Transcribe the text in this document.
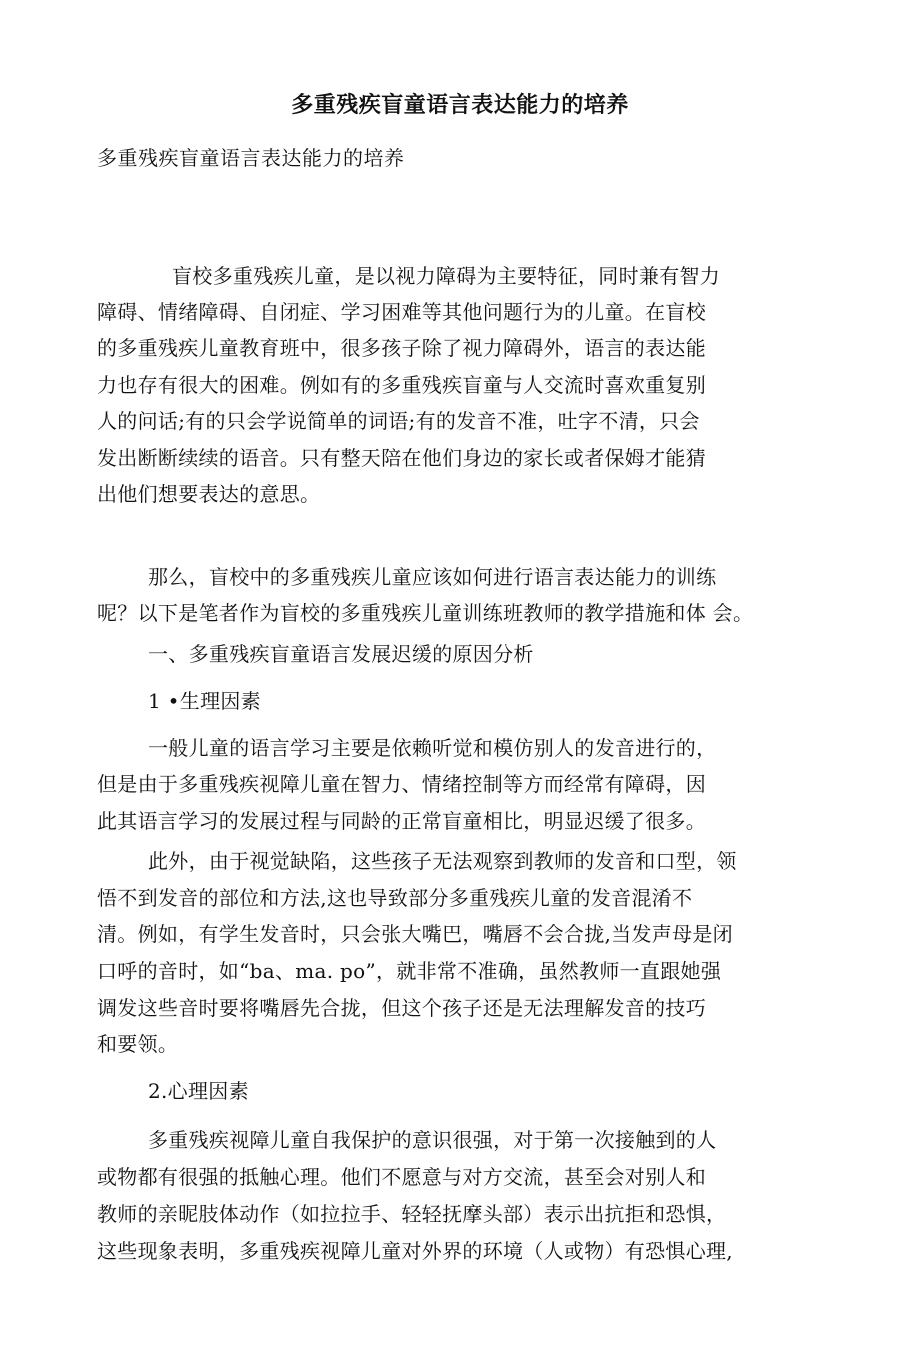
多重残疾盲童语言表达能力的培养
多重残疾盲童语言表达能力的培养
盲校多重残疾儿童，是以视力障碍为主要特征，同时兼有智力
障碍、情绪障碍、自闭症、学习困难等其他问题行为的儿童。在盲校
的多重残疾儿童教育班中，很多孩子除了视力障碍外，语言的表达能
力也存有很大的困难。例如有的多重残疾盲童与人交流时喜欢重复别
人的问话;有的只会学说简单的词语;有的发音不准，吐字不清，只会
发出断断续续的语音。只有整天陪在他们身边的家长或者保姆才能猜
出他们想要表达的意思。
那么，盲校中的多重残疾儿童应该如何进行语言表达能力的训练
呢？以下是笔者作为盲校的多重残疾儿童训练班教师的教学措施和体 会。
一、多重残疾盲童语言发展迟缓的原因分析
1 •生理因素
一般儿童的语言学习主要是依赖听觉和模仿别人的发音进行的，
但是由于多重残疾视障儿童在智力、情绪控制等方而经常有障碍，因
此其语言学习的发展过程与同龄的正常盲童相比，明显迟缓了很多。
此外，由于视觉缺陷，这些孩子无法观察到教师的发音和口型，领
悟不到发音的部位和方法,这也导致部分多重残疾儿童的发音混淆不
清。例如，有学生发音时，只会张大嘴巴，嘴唇不会合拢,当发声母是闭
口呼的音时，如“ba、ma. po”，就非常不准确，虽然教师一直跟她强
调发这些音时要将嘴唇先合拢，但这个孩子还是无法理解发音的技巧
和要领。
2.心理因素
多重残疾视障儿童自我保护的意识很强，对于第一次接触到的人
或物都有很强的抵触心理。他们不愿意与对方交流，甚至会对别人和
教师的亲昵肢体动作（如拉拉手、轻轻抚摩头部）表示出抗拒和恐惧，
这些现象表明，多重残疾视障儿童对外界的环境（人或物）有恐惧心理,
